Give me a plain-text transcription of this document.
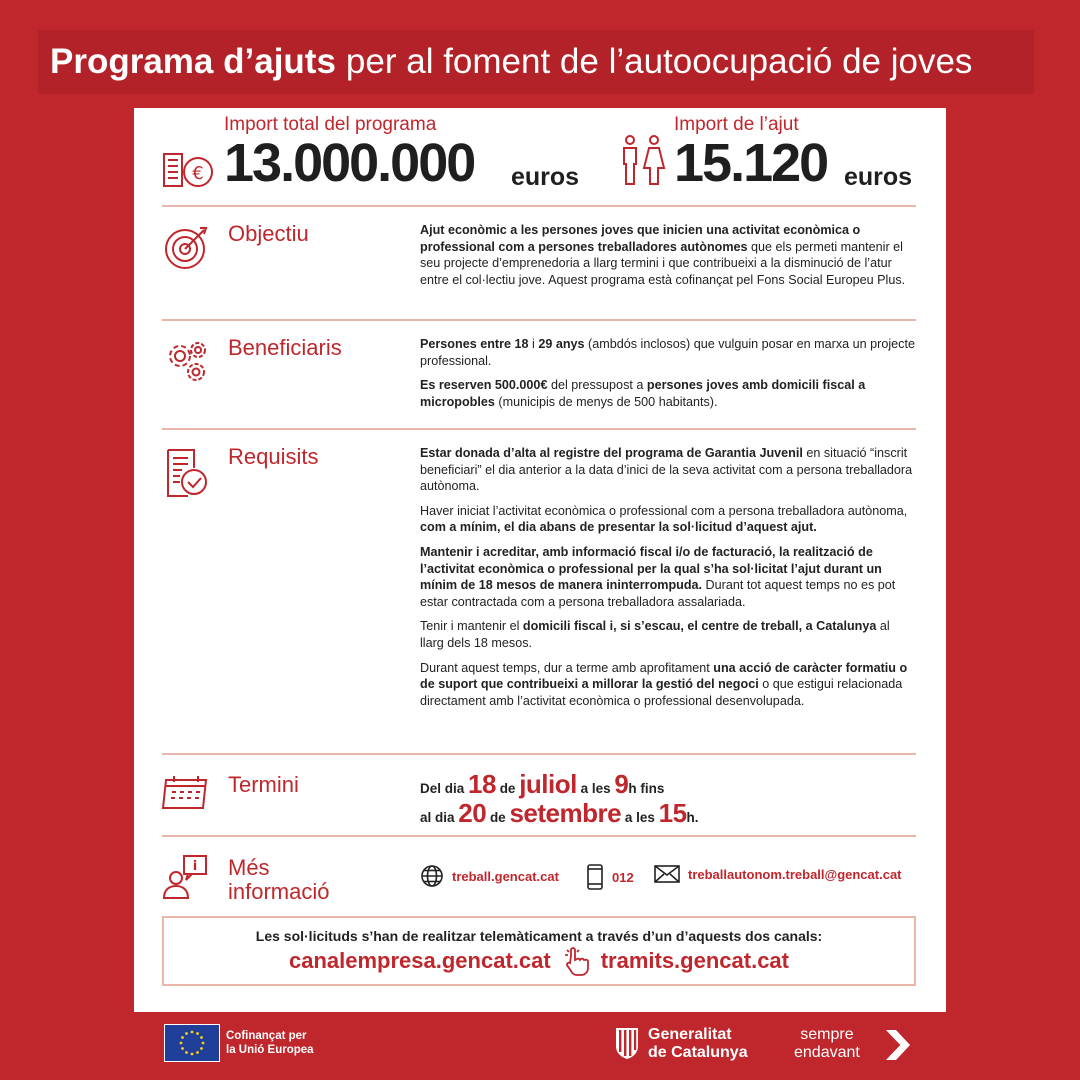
Programa d’ajuts per al foment de l’autoocupació de joves
€
Import total del programa
13.000.000 euros
Import de l’ajut
15.120 euros
Objectiu	Ajut econòmic a les persones joves que inicien una activitat econòmica o professional com a persones treballadores autònomes que els permeti mantenir el seu projecte d’emprenedoria a llarg termini i que contribueixi a la disminució de l’atur entre el col·lectiu jove. Aquest programa està cofinançat pel Fons Social Europeu Plus.

Beneficiaris	Persones entre 18 i 29 anys (ambdós inclosos) que vulguin posar en marxa un projecte professional.

Es reserven 500.000€ del pressupost a persones joves amb domicili fiscal a micropobles (municipis de menys de 500 habitants).

Requisits	Estar donada d’alta al registre del programa de Garantia Juvenil en situació “inscrit beneficiari” el dia anterior a la data d’inici de la seva activitat com a persona treballadora autònoma.

Haver iniciat l’activitat econòmica o professional com a persona treballadora autònoma, com a mínim, el dia abans de presentar la sol·licitud d’aquest ajut.

Mantenir i acreditar, amb informació fiscal i/o de facturació, la realització de l’activitat econòmica o professional per la qual s’ha sol·licitat l’ajut durant un mínim de 18 mesos de manera ininterrompuda. Durant tot aquest temps no es pot estar contractada com a persona treballadora assalariada.

Tenir i mantenir el domicili fiscal i, si s’escau, el centre de treball, a Catalunya al llarg dels 18 mesos.

Durant aquest temps, dur a terme amb aprofitament una acció de caràcter formatiu o de suport que contribueixi a millorar la gestió del negoci o que estigui relacionada directament amb l’activitat econòmica o professional desenvolupada.

Termini	Del dia 18 de juliol a les 9h fins
al dia 20 de setembre a les 15h.
i Més
informació
treball.gencat.cat	012	treballautonom.treball@gencat.cat
Les sol·licituds s’han de realitzar telemàticament a través d’un d’aquests dos canals:
canalempresa.gencat.cat tramits.gencat.cat
Cofinançat per
la Unió Europea
Generalitat
de Catalunya
sempre
endavant
